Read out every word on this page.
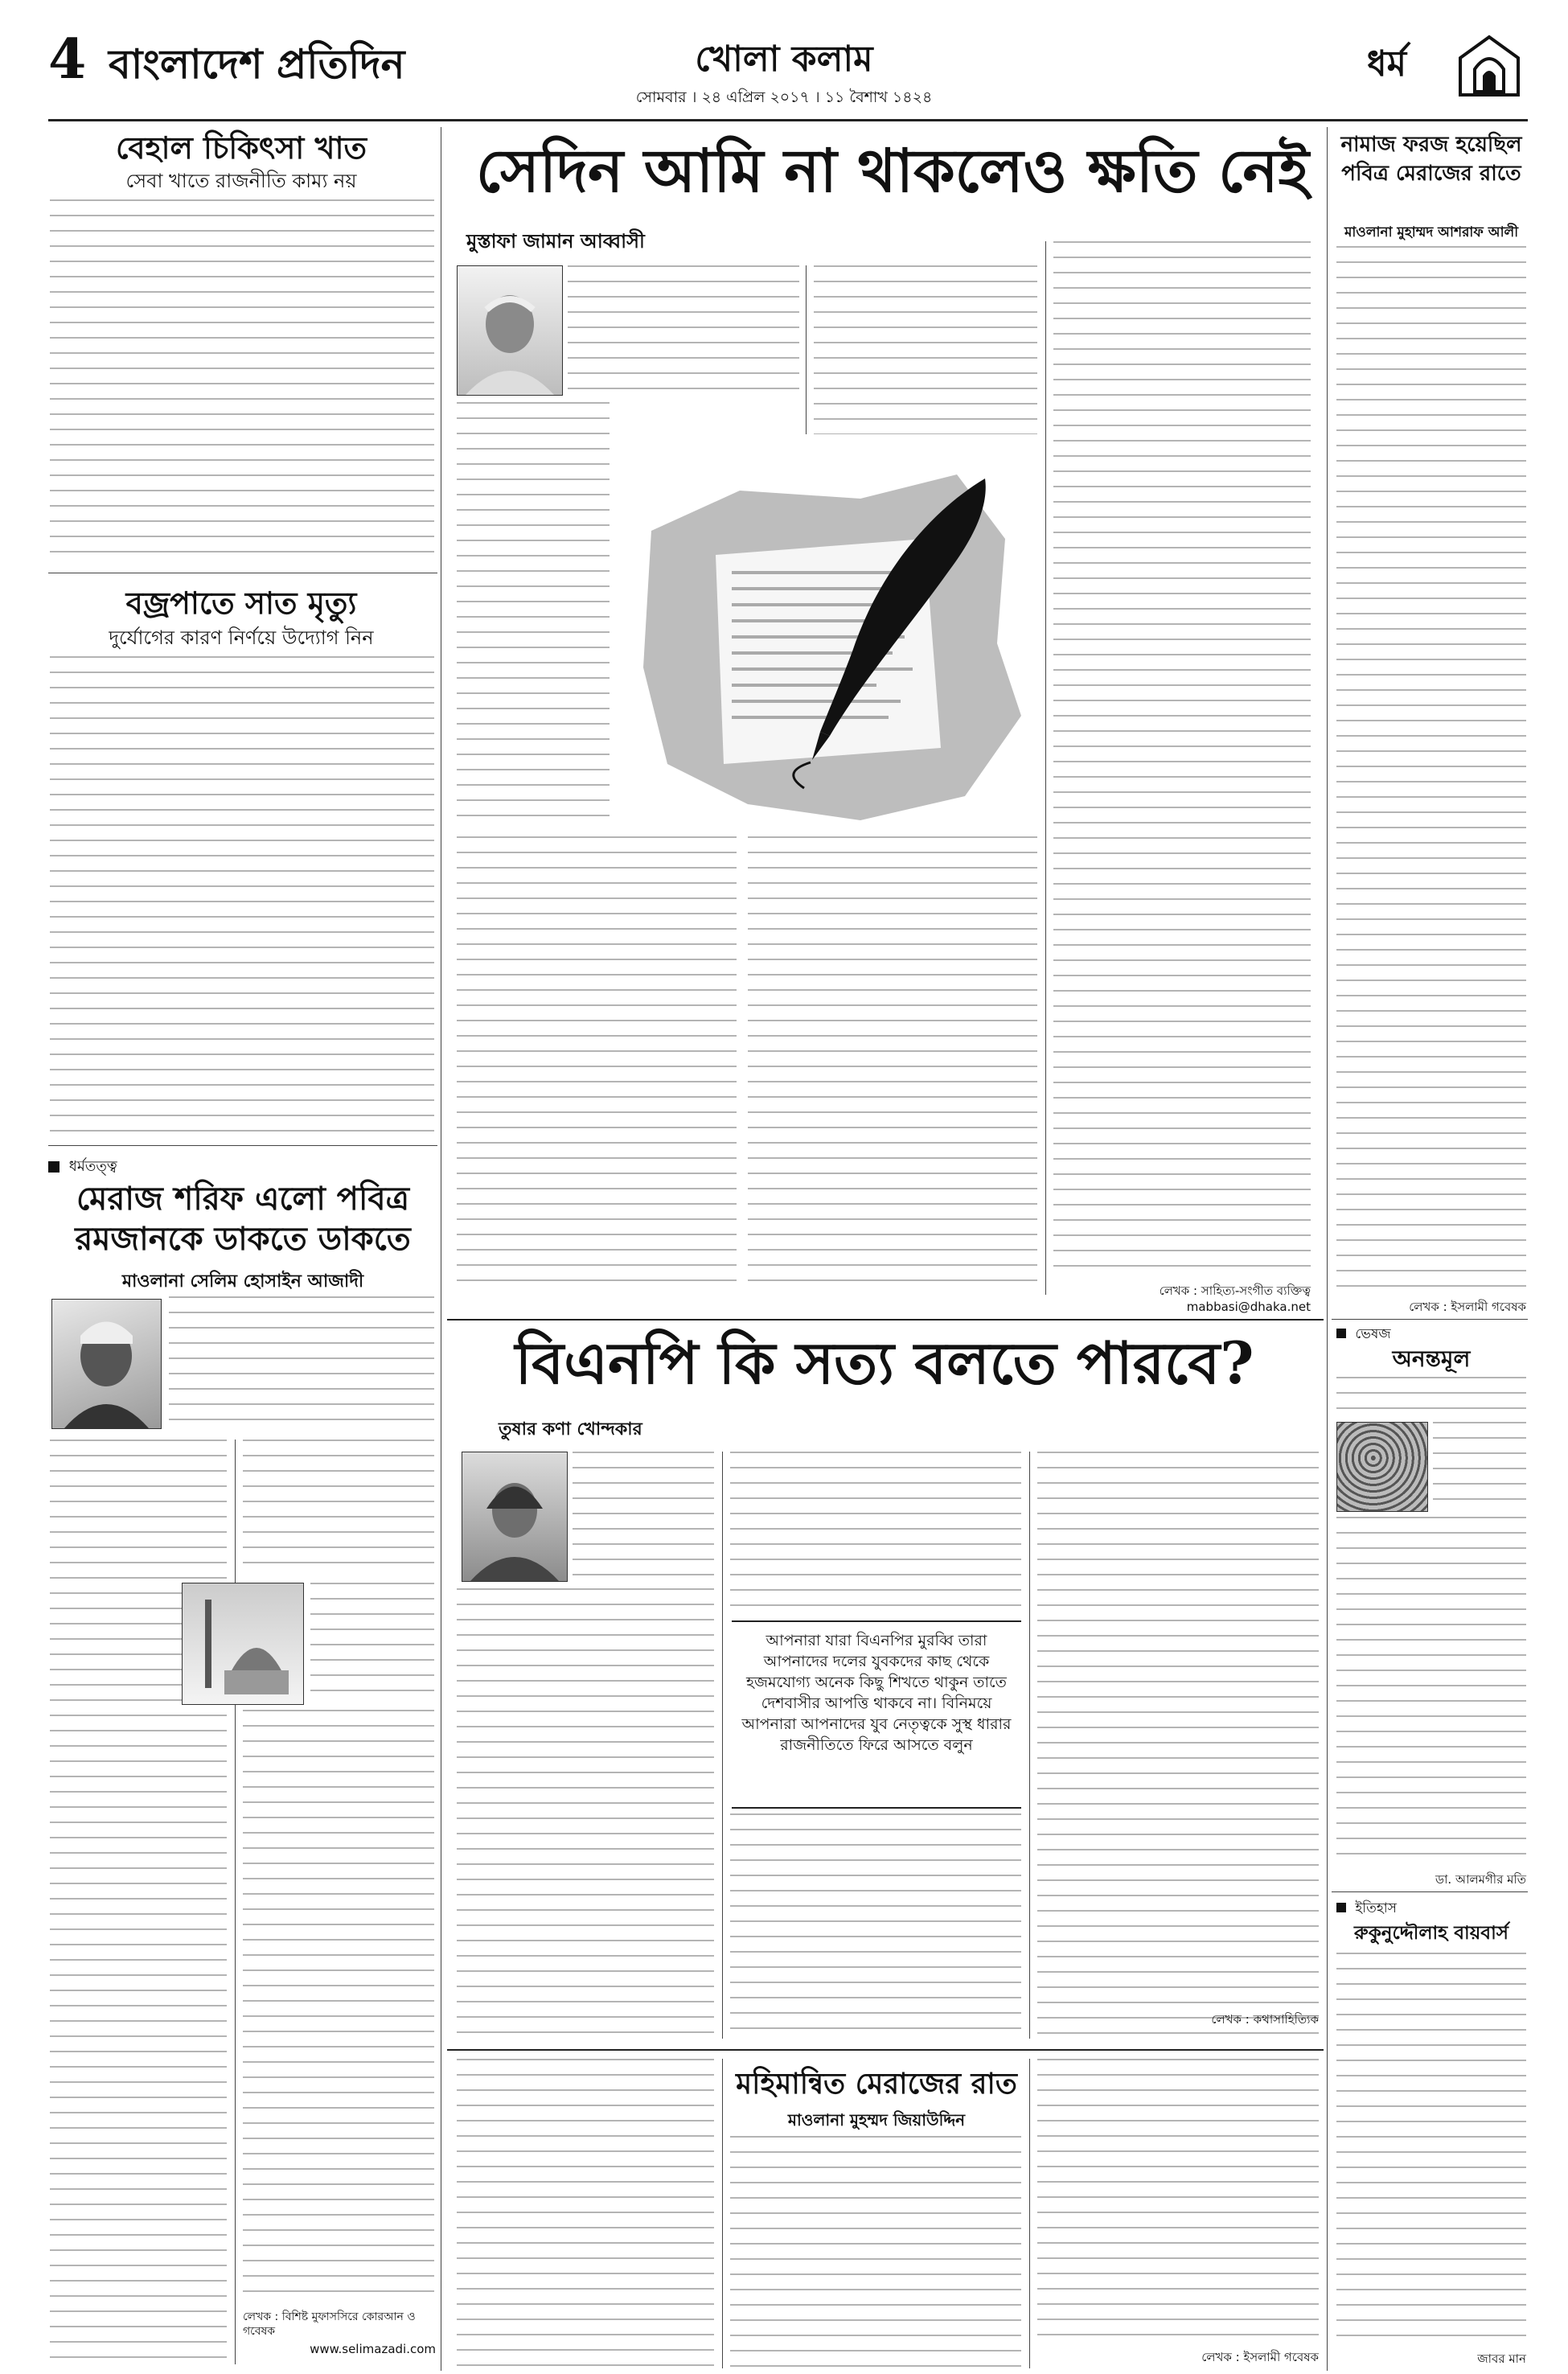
4 বাংলাদেশ প্রতিদিন	খোলা কলাম
সোমবার । ২৪ এপ্রিল ২০১৭ । ১১ বৈশাখ ১৪২৪
ধর্ম
বেহাল চিকিৎসা খাত
সেবা খাতে রাজনীতি কাম্য নয়
বজ্রপাতে সাত মৃত্যু
দুর্যোগের কারণ নির্ণয়ে উদ্যোগ নিন
ধর্মতত্ত্ব
মেরাজ শরিফ এলো পবিত্র রমজানকে ডাকতে ডাকতে
মাওলানা সেলিম হোসাইন আজাদী
লেখক : বিশিষ্ট মুফাসসিরে কোরআন ও গবেষক
www.selimazadi.com
সেদিন আমি না থাকলেও ক্ষতি নেই
মুস্তাফা জামান আব্বাসী
লেখক : সাহিত্য-সংগীত ব্যক্তিত্ব
mabbasi@dhaka.net
বিএনপি কি সত্য বলতে পারবে?
তুষার কণা খোন্দকার
আপনারা যারা বিএনপির মুরব্বি তারা আপনাদের দলের যুবকদের কাছ থেকে হজমযোগ্য অনেক কিছু শিখতে থাকুন তাতে দেশবাসীর আপত্তি থাকবে না। বিনিময়ে আপনারা আপনাদের যুব নেতৃত্বকে সুস্থ ধারার রাজনীতিতে ফিরে আসতে বলুন
লেখক : কথাসাহিত্যিক
মহিমান্বিত মেরাজের রাত
মাওলানা মুহম্মদ জিয়াউদ্দিন
লেখক : ইসলামী গবেষক
নামাজ ফরজ হয়েছিল পবিত্র মেরাজের রাতে
মাওলানা মুহাম্মদ আশরাফ আলী
লেখক : ইসলামী গবেষক
ভেষজ
অনন্তমূল
ডা. আলমগীর মতি
ইতিহাস
রুকুনুদ্দৌলাহ বায়বার্স
জাবর মান
